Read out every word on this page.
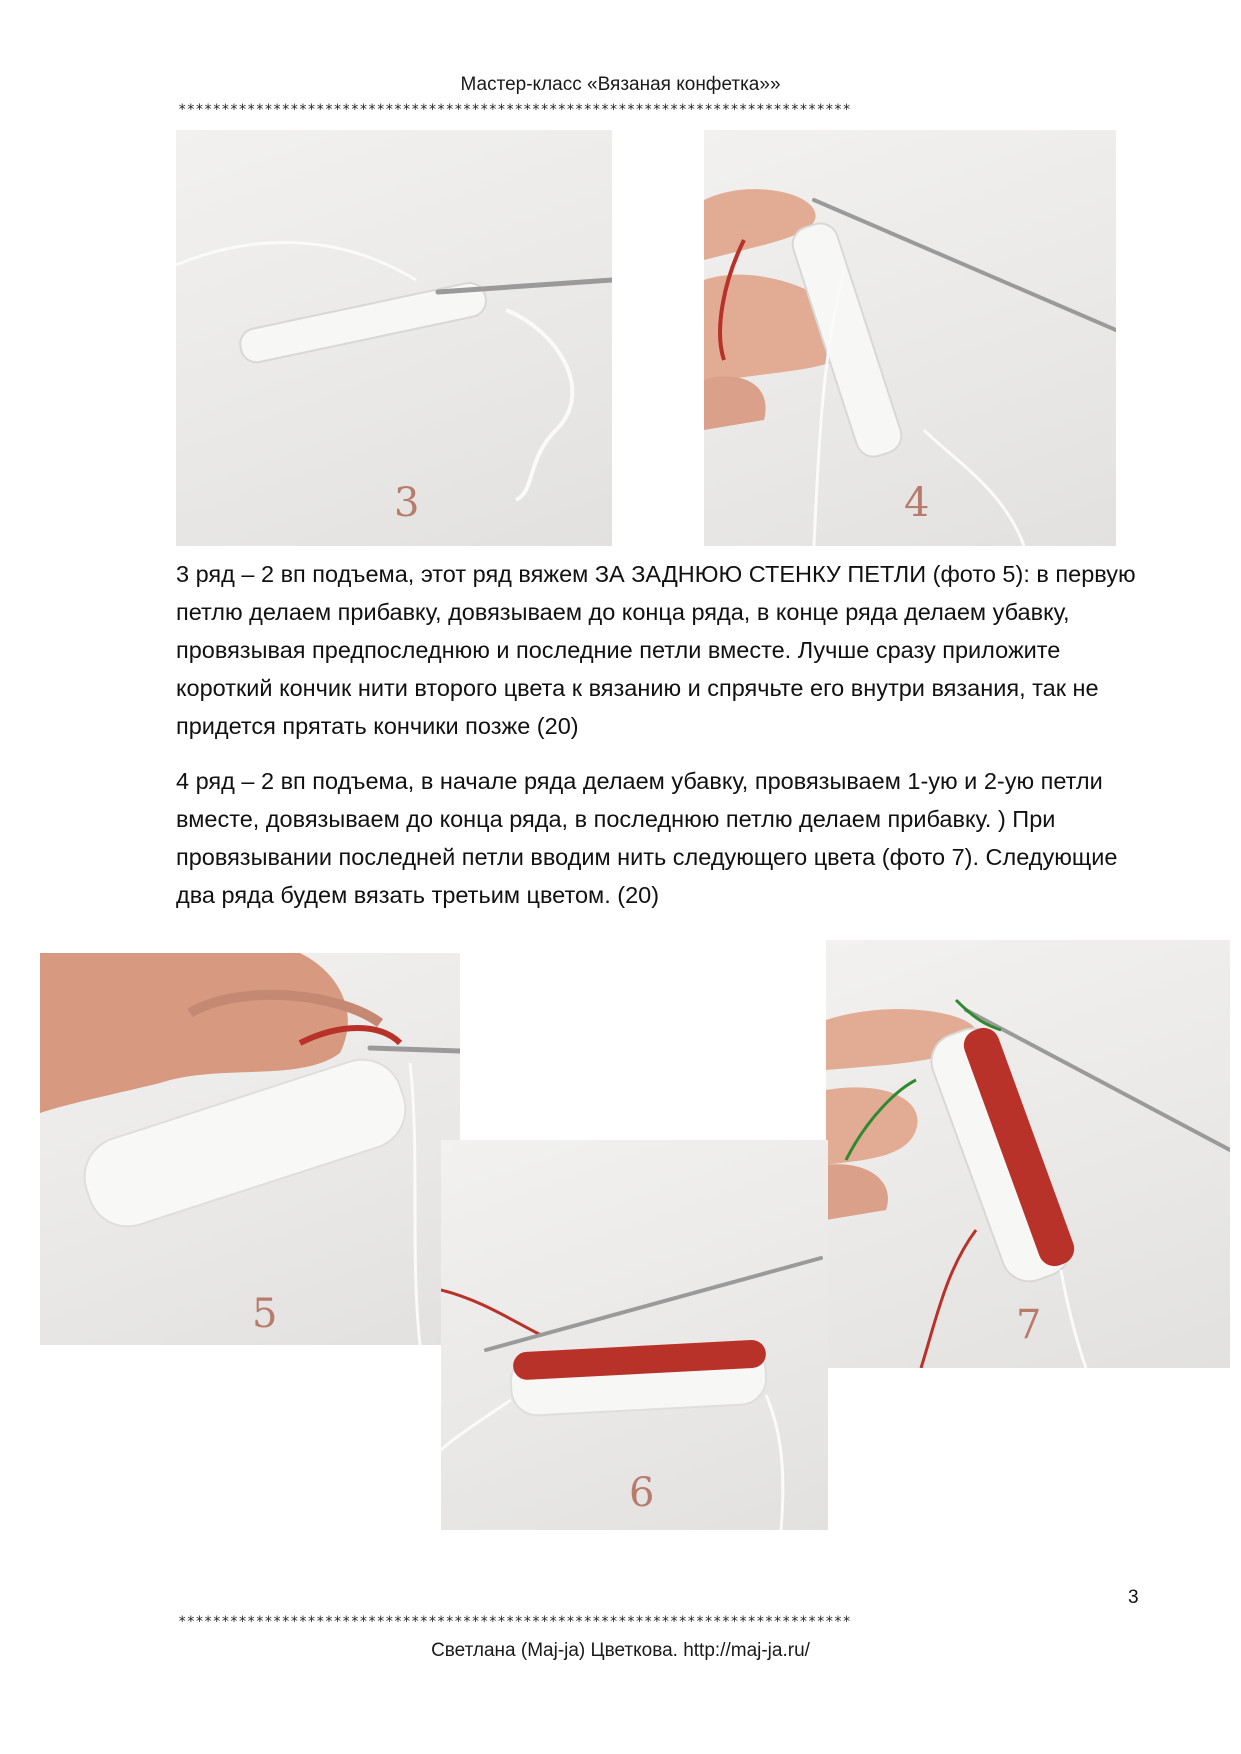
Мастер-класс «Вязаная конфетка»»
******************************************************************************
3	4
3 ряд – 2 вп подъема, этот ряд вяжем ЗА ЗАДНЮЮ СТЕНКУ ПЕТЛИ (фото 5): в первую петлю делаем прибавку, довязываем до конца ряда, в конце ряда делаем убавку, провязывая предпоследнюю и последние петли вместе. Лучше сразу приложите короткий кончик нити второго цвета к вязанию и спрячьте его внутри вязания, так не придется прятать кончики позже (20)
4 ряд – 2 вп подъема, в начале ряда делаем убавку, провязываем 1-ую и 2-ую петли вместе, довязываем до конца ряда, в последнюю петлю делаем прибавку. ) При провязывании последней петли вводим нить следующего цвета (фото 7). Следующие два ряда будем вязать третьим цветом. (20)
5	7
6
3
******************************************************************************
Светлана (Maj-ja) Цветкова. http://maj-ja.ru/
